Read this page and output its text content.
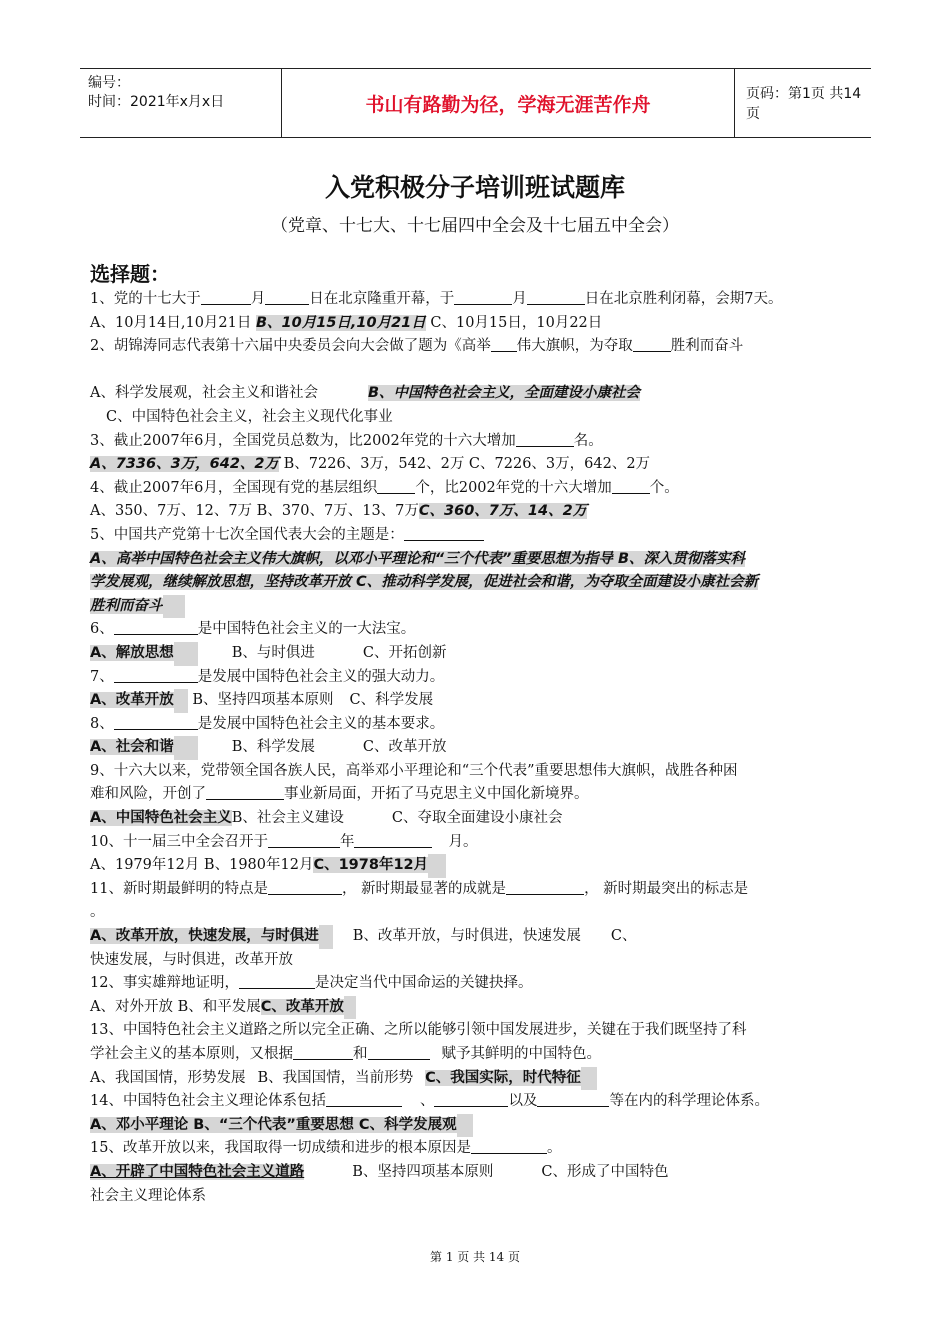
编号：
时间：2021年x月x日	书山有路勤为径，学海无涯苦作舟	页码：第1页 共14页
入党积极分子培训班试题库
（党章、十七大、十七届四中全会及十七届五中全会）
选择题：
1、党的十七大于	月	日在北京隆重开幕，于	月	日在北京胜利闭幕，会期7天。
A、10月14日,10月21日 B、10月15日,10月21日 C、10月15日，10月22日
2、胡锦涛同志代表第十六届中央委员会向大会做了题为《高举 伟大旗帜，为夺取	胜利而奋斗
A、科学发展观，社会主义和谐社会	B、中国特色社会主义，全面建设小康社会
C、中国特色社会主义，社会主义现代化事业
3、截止2007年6月，全国党员总数为，比2002年党的十六大增加	名。
A、7336、3万，642、2万 B、7226、3万，542、2万 C、7226、3万，642、2万
4、截止2007年6月，全国现有党的基层组织	个，比2002年党的十六大增加	个。
A、350、7万、12、7万 B、370、7万、13、7万C、360、7万、14、2万
5、中国共产党第十七次全国代表大会的主题是：
A、高举中国特色社会主义伟大旗帜，以邓小平理论和“三个代表”重要思想为指导 B、深入贯彻落实科
学发展观，继续解放思想，坚持改革开放 C、推动科学发展，促进社会和谐，为夺取全面建设小康社会新
胜利而奋斗
6、	是中国特色社会主义的一大法宝。
A、解放思想	B、与时俱进	C、开拓创新
7、	是发展中国特色社会主义的强大动力。
A、改革开放 B、坚持四项基本原则 C、科学发展
8、	是发展中国特色社会主义的基本要求。
A、社会和谐	B、科学发展	C、改革开放
9、十六大以来，党带领全国各族人民，高举邓小平理论和“三个代表”重要思想伟大旗帜，战胜各种困
难和风险，开创了	事业新局面，开拓了马克思主义中国化新境界。
A、中国特色社会主义B、社会主义建设	C、夺取全面建设小康社会
10、十一届三中全会召开于	年	月。
A、1979年12月 B、1980年12月C、1978年12月
11、新时期最鲜明的特点是	， 新时期最显著的成就是	， 新时期最突出的标志是
。
A、改革开放，快速发展，与时俱进 B、改革开放，与时俱进，快速发展 C、
快速发展，与时俱进，改革开放
12、事实雄辩地证明，	是决定当代中国命运的关键抉择。
A、对外开放 B、和平发展C、改革开放
13、中国特色社会主义道路之所以完全正确、之所以能够引领中国发展进步，关键在于我们既坚持了科
学社会主义的基本原则，又根据	和	赋予其鲜明的中国特色。
A、我国国情，形势发展 B、我国国情，当前形势 C、我国实际，时代特征
14、中国特色社会主义理论体系包括	、	以及	等在内的科学理论体系。
A、邓小平理论 B、“三个代表”重要思想 C、科学发展观
15、改革开放以来，我国取得一切成绩和进步的根本原因是	。
A、开辟了中国特色社会主义道路	B、坚持四项基本原则	C、形成了中国特色
社会主义理论体系
第 1 页 共 14 页
